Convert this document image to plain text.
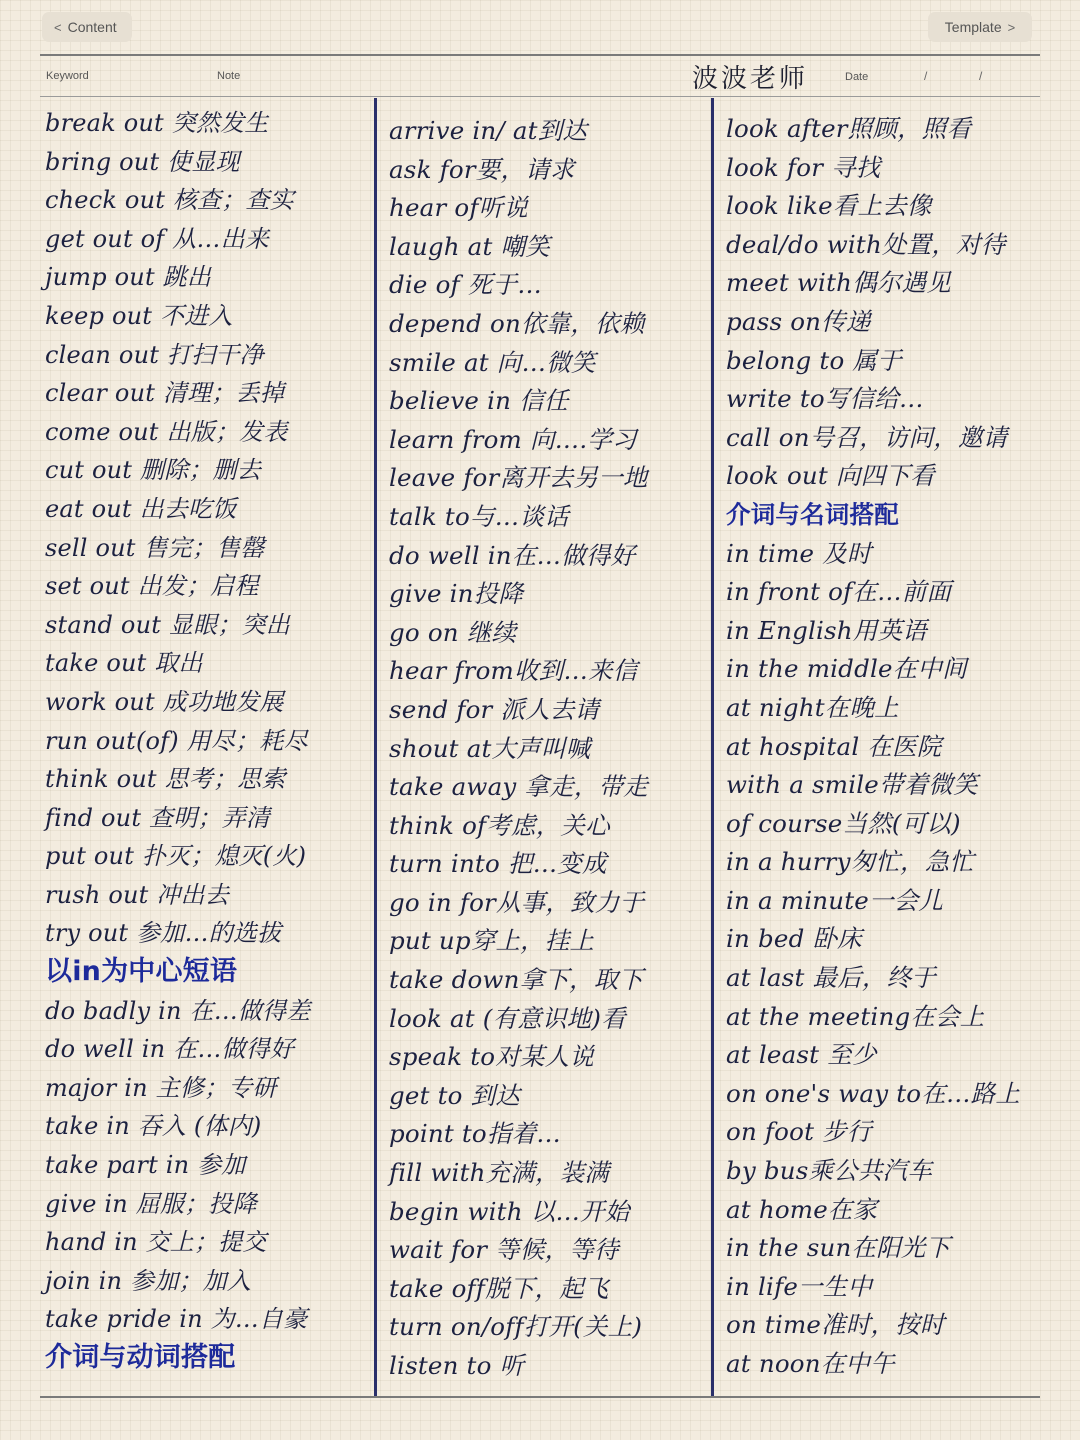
< Content	Template >
Keyword	Note	波波老师	Date	/	/
break out 突然发生
bring out 使显现
check out 核查；查实
get out of 从…出来
jump out 跳出
keep out 不进入
clean out 打扫干净
clear out 清理；丢掉
come out 出版；发表
cut out 删除；删去
eat out 出去吃饭
sell out 售完；售罄
set out 出发；启程
stand out 显眼；突出
take out 取出
work out 成功地发展
run out(of) 用尽；耗尽
think out 思考；思索
find out 查明；弄清
put out 扑灭；熄灭(火)
rush out 冲出去
try out 参加…的选拔
以in为中心短语
do badly in 在…做得差
do well in 在…做得好
major in 主修；专研
take in 吞入 (体内)
take part in 参加
give in 屈服；投降
hand in 交上；提交
join in 参加；加入
take pride in 为…自豪
介词与动词搭配
arrive in/ at到达
ask for要，请求
hear of听说
laugh at 嘲笑
die of 死于…
depend on依靠，依赖
smile at 向…微笑
believe in 信任
learn from 向….学习
leave for离开去另一地
talk to与…谈话
do well in在…做得好
give in投降
go on 继续
hear from收到…来信
send for 派人去请
shout at大声叫喊
take away 拿走，带走
think of考虑，关心
turn into 把…变成
go in for从事，致力于
put up穿上，挂上
take down拿下，取下
look at (有意识地)看
speak to对某人说
get to 到达
point to指着…
fill with充满，装满
begin with 以…开始
wait for 等候，等待
take off脱下，起飞
turn on/off打开(关上)
listen to 听
look after照顾，照看
look for 寻找
look like看上去像
deal/do with处置，对待
meet with偶尔遇见
pass on传递
belong to 属于
write to写信给…
call on号召，访问，邀请
look out 向四下看
介词与名词搭配
in time 及时
in front of在…前面
in English用英语
in the middle在中间
at night在晚上
at hospital 在医院
with a smile带着微笑
of course当然(可以)
in a hurry匆忙，急忙
in a minute一会儿
in bed 卧床
at last 最后，终于
at the meeting在会上
at least 至少
on one's way to在…路上
on foot 步行
by bus乘公共汽车
at home在家
in the sun在阳光下
in life一生中
on time准时，按时
at noon在中午
